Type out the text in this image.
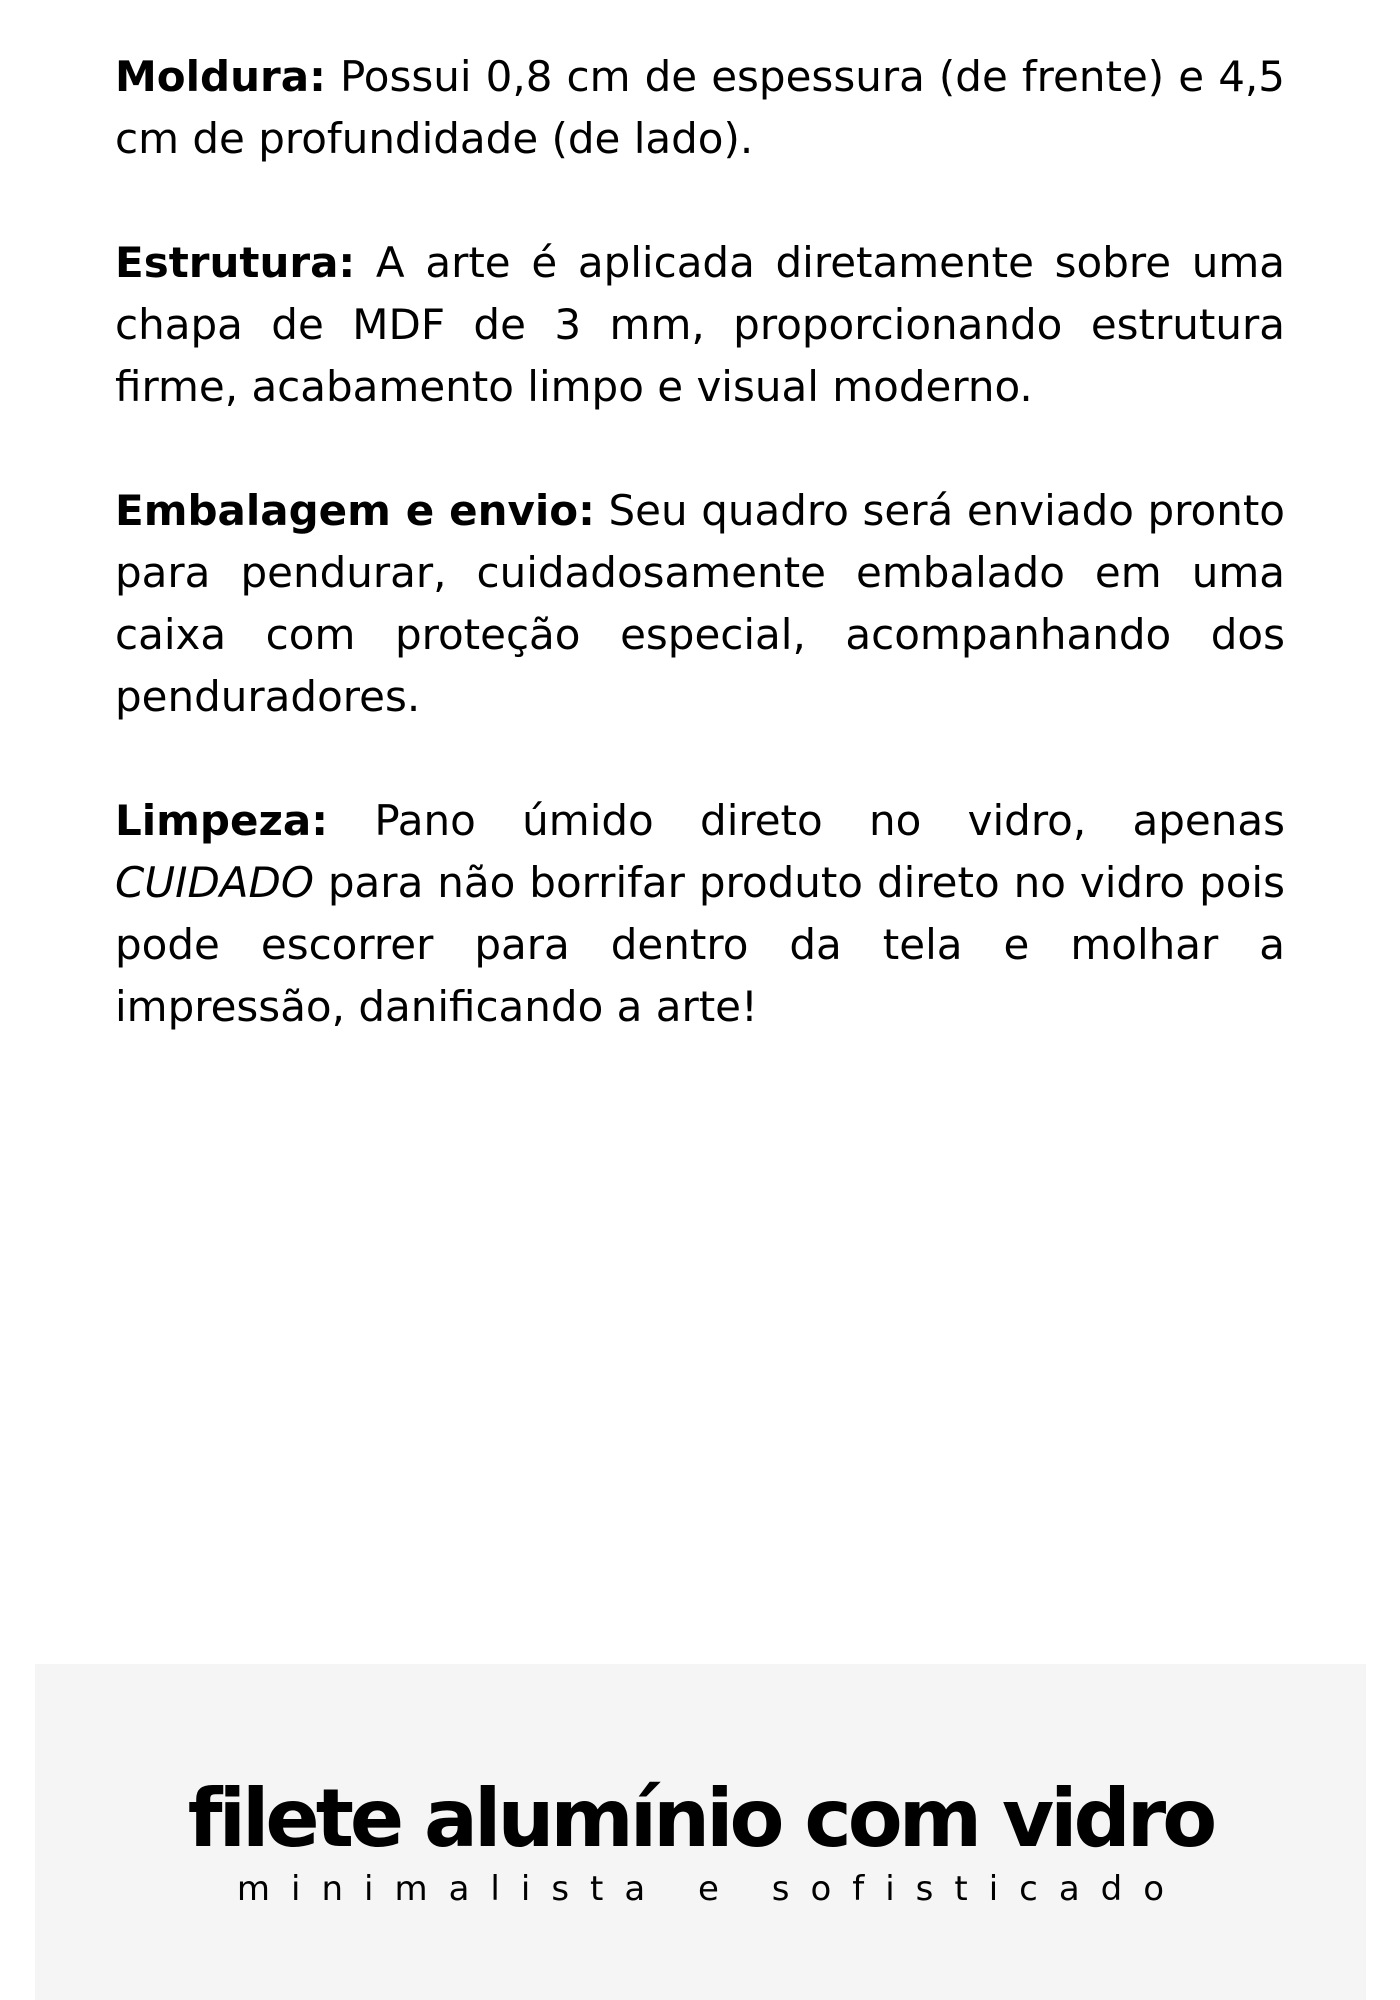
Moldura: Possui 0,8 cm de espessura (de frente) e 4,5 cm de profundidade (de lado).

Estrutura: A arte é aplicada diretamente sobre uma chapa de MDF de 3 mm, proporcionando estrutura firme, acabamento limpo e visual moderno.

Embalagem e envio: Seu quadro será enviado pronto para pendurar, cuidadosamente embalado em uma caixa com proteção especial, acompanhando dos penduradores.

Limpeza: Pano úmido direto no vidro, apenas CUIDADO para não borrifar produto direto no vidro pois pode escorrer para dentro da tela e molhar a impressão, danificando a arte!

filete alumínio com vidro
minimalista e sofisticado
